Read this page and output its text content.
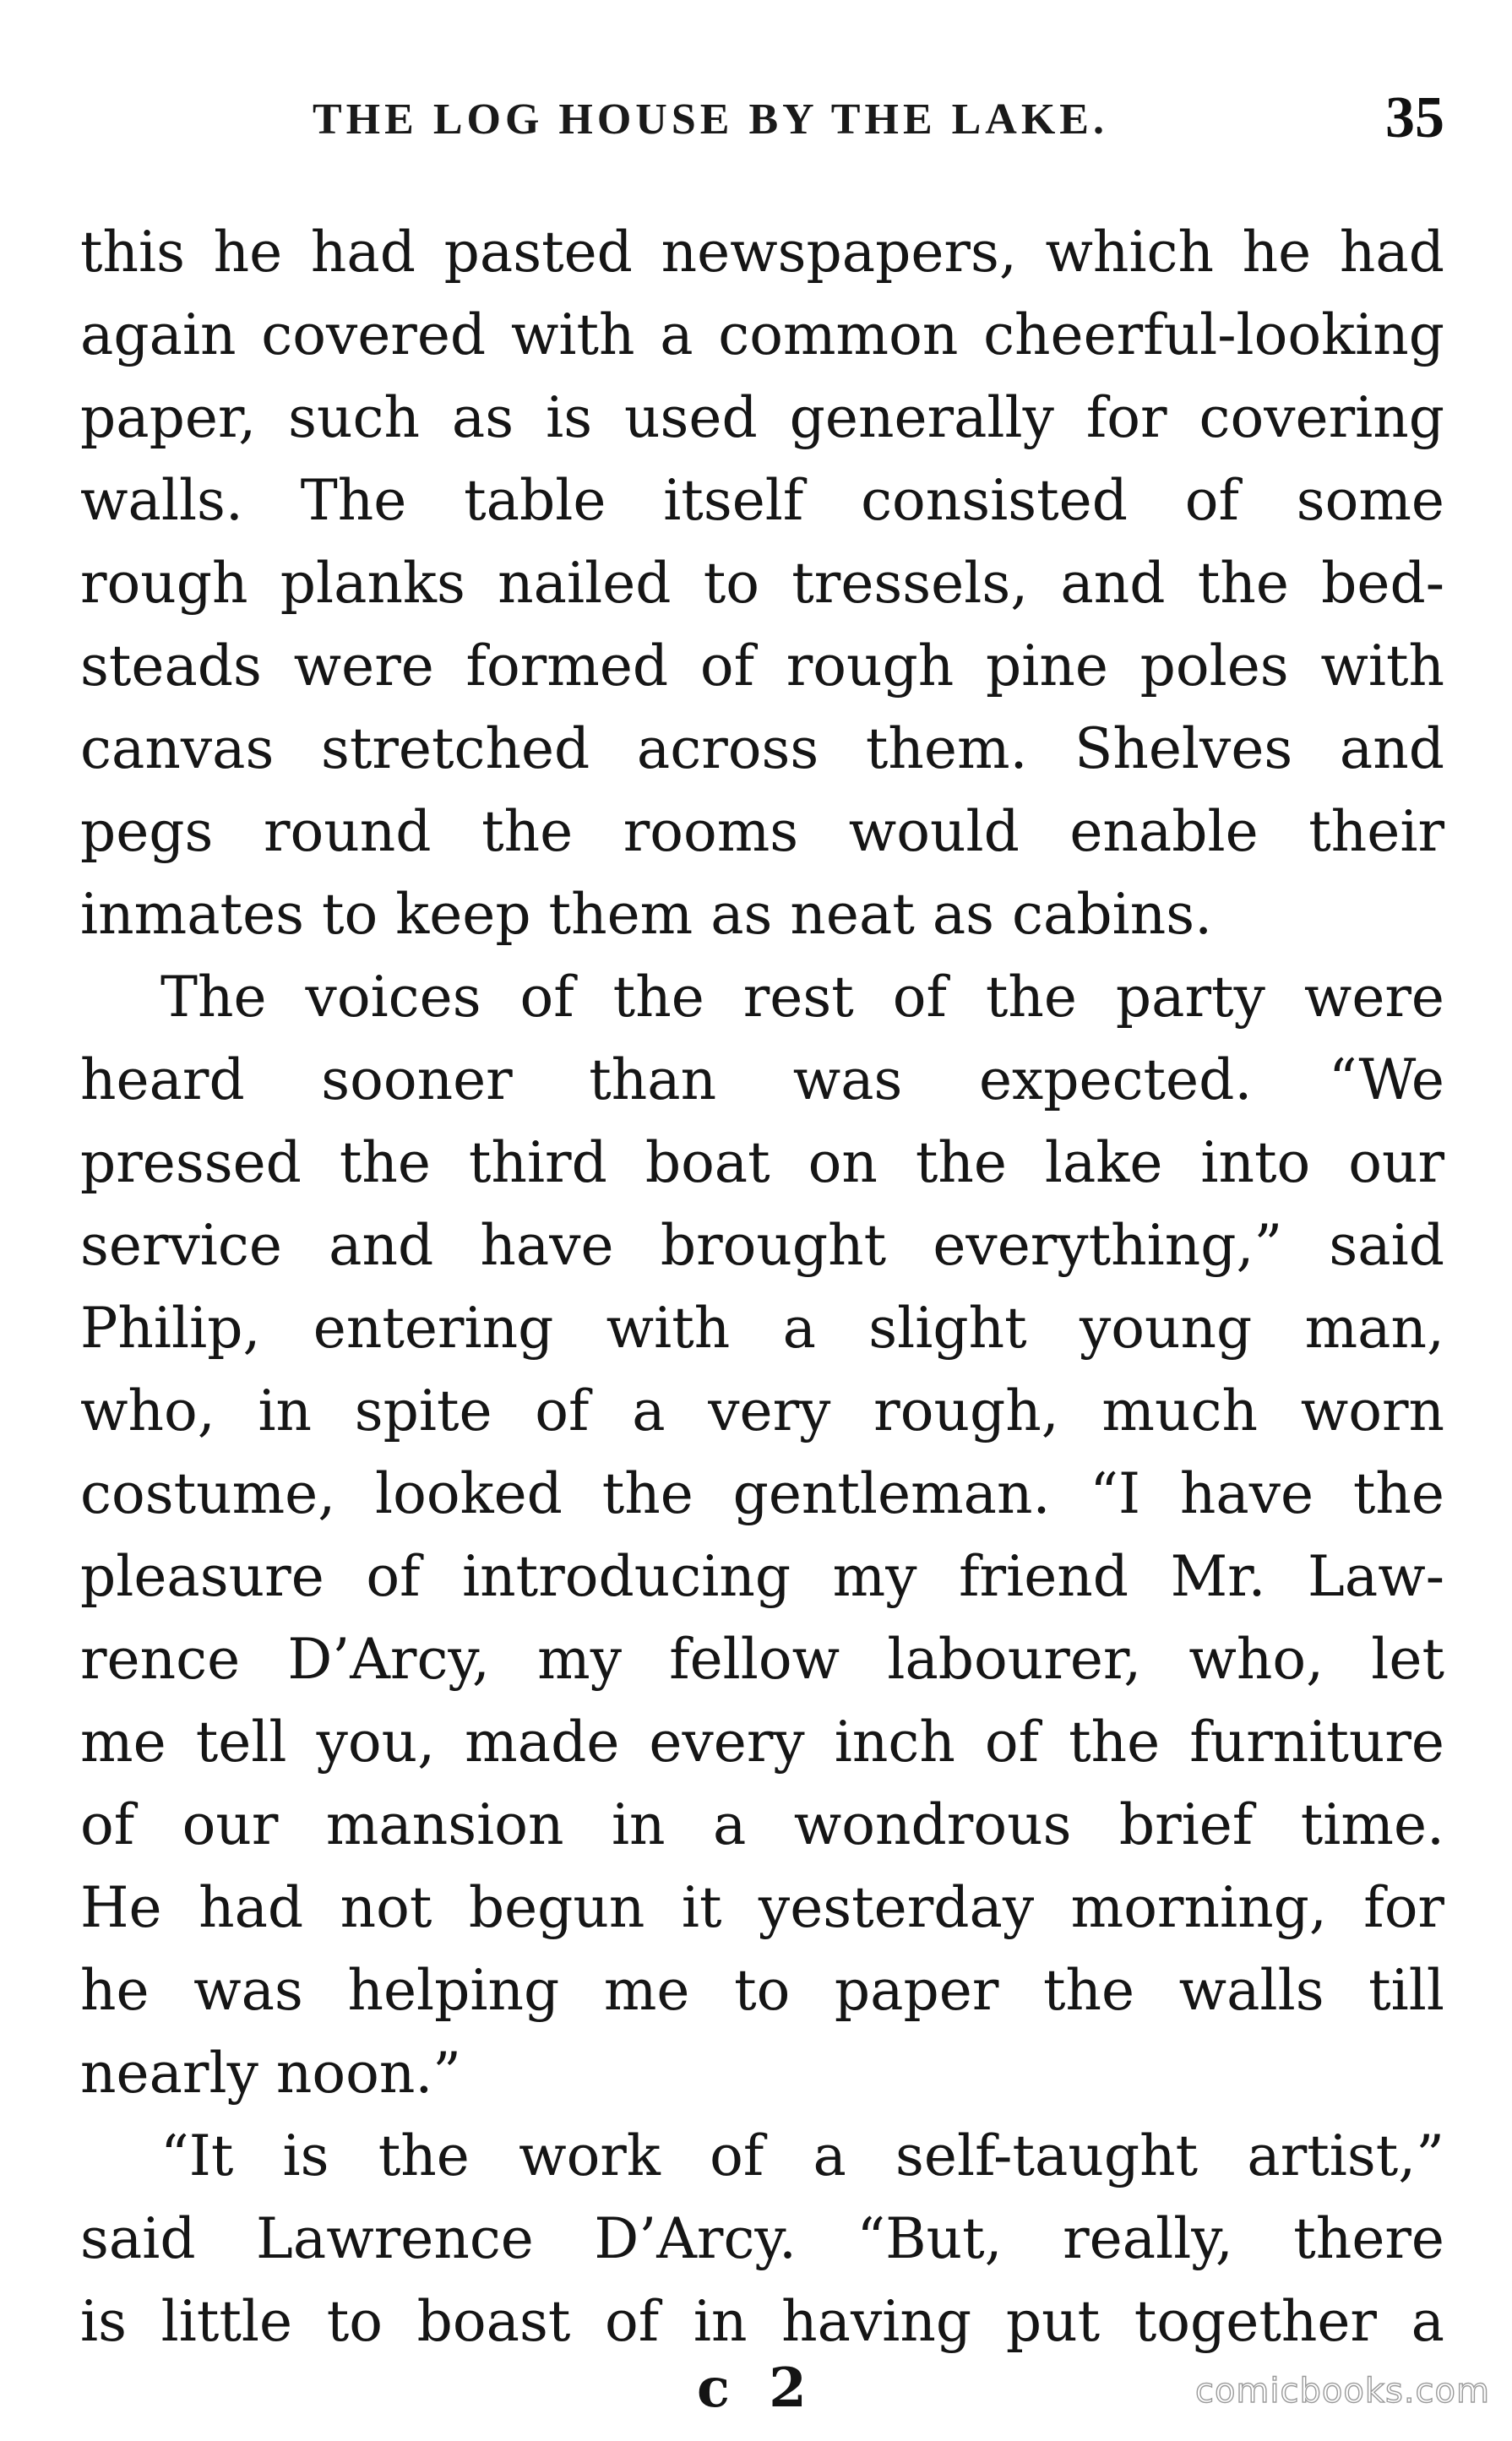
THE LOG HOUSE BY THE LAKE.	35
this he had pasted newspapers, which he had
again covered with a common cheerful-looking
paper, such as is used generally for covering
walls. The table itself consisted of some
rough planks nailed to tressels, and the bed-
steads were formed of rough pine poles with
canvas stretched across them. Shelves and
pegs round the rooms would enable their
inmates to keep them as neat as cabins.
The voices of the rest of the party were
heard sooner than was expected. “We
pressed the third boat on the lake into our
service and have brought everything,” said
Philip, entering with a slight young man,
who, in spite of a very rough, much worn
costume, looked the gentleman. “I have the
pleasure of introducing my friend Mr. Law-
rence D’Arcy, my fellow labourer, who, let
me tell you, made every inch of the furniture
of our mansion in a wondrous brief time.
He had not begun it yesterday morning, for
he was helping me to paper the walls till
nearly noon.”
“It is the work of a self-taught artist,”
said Lawrence D’Arcy. “But, really, there
is little to boast of in having put together a
c 2	comicbooks.com
